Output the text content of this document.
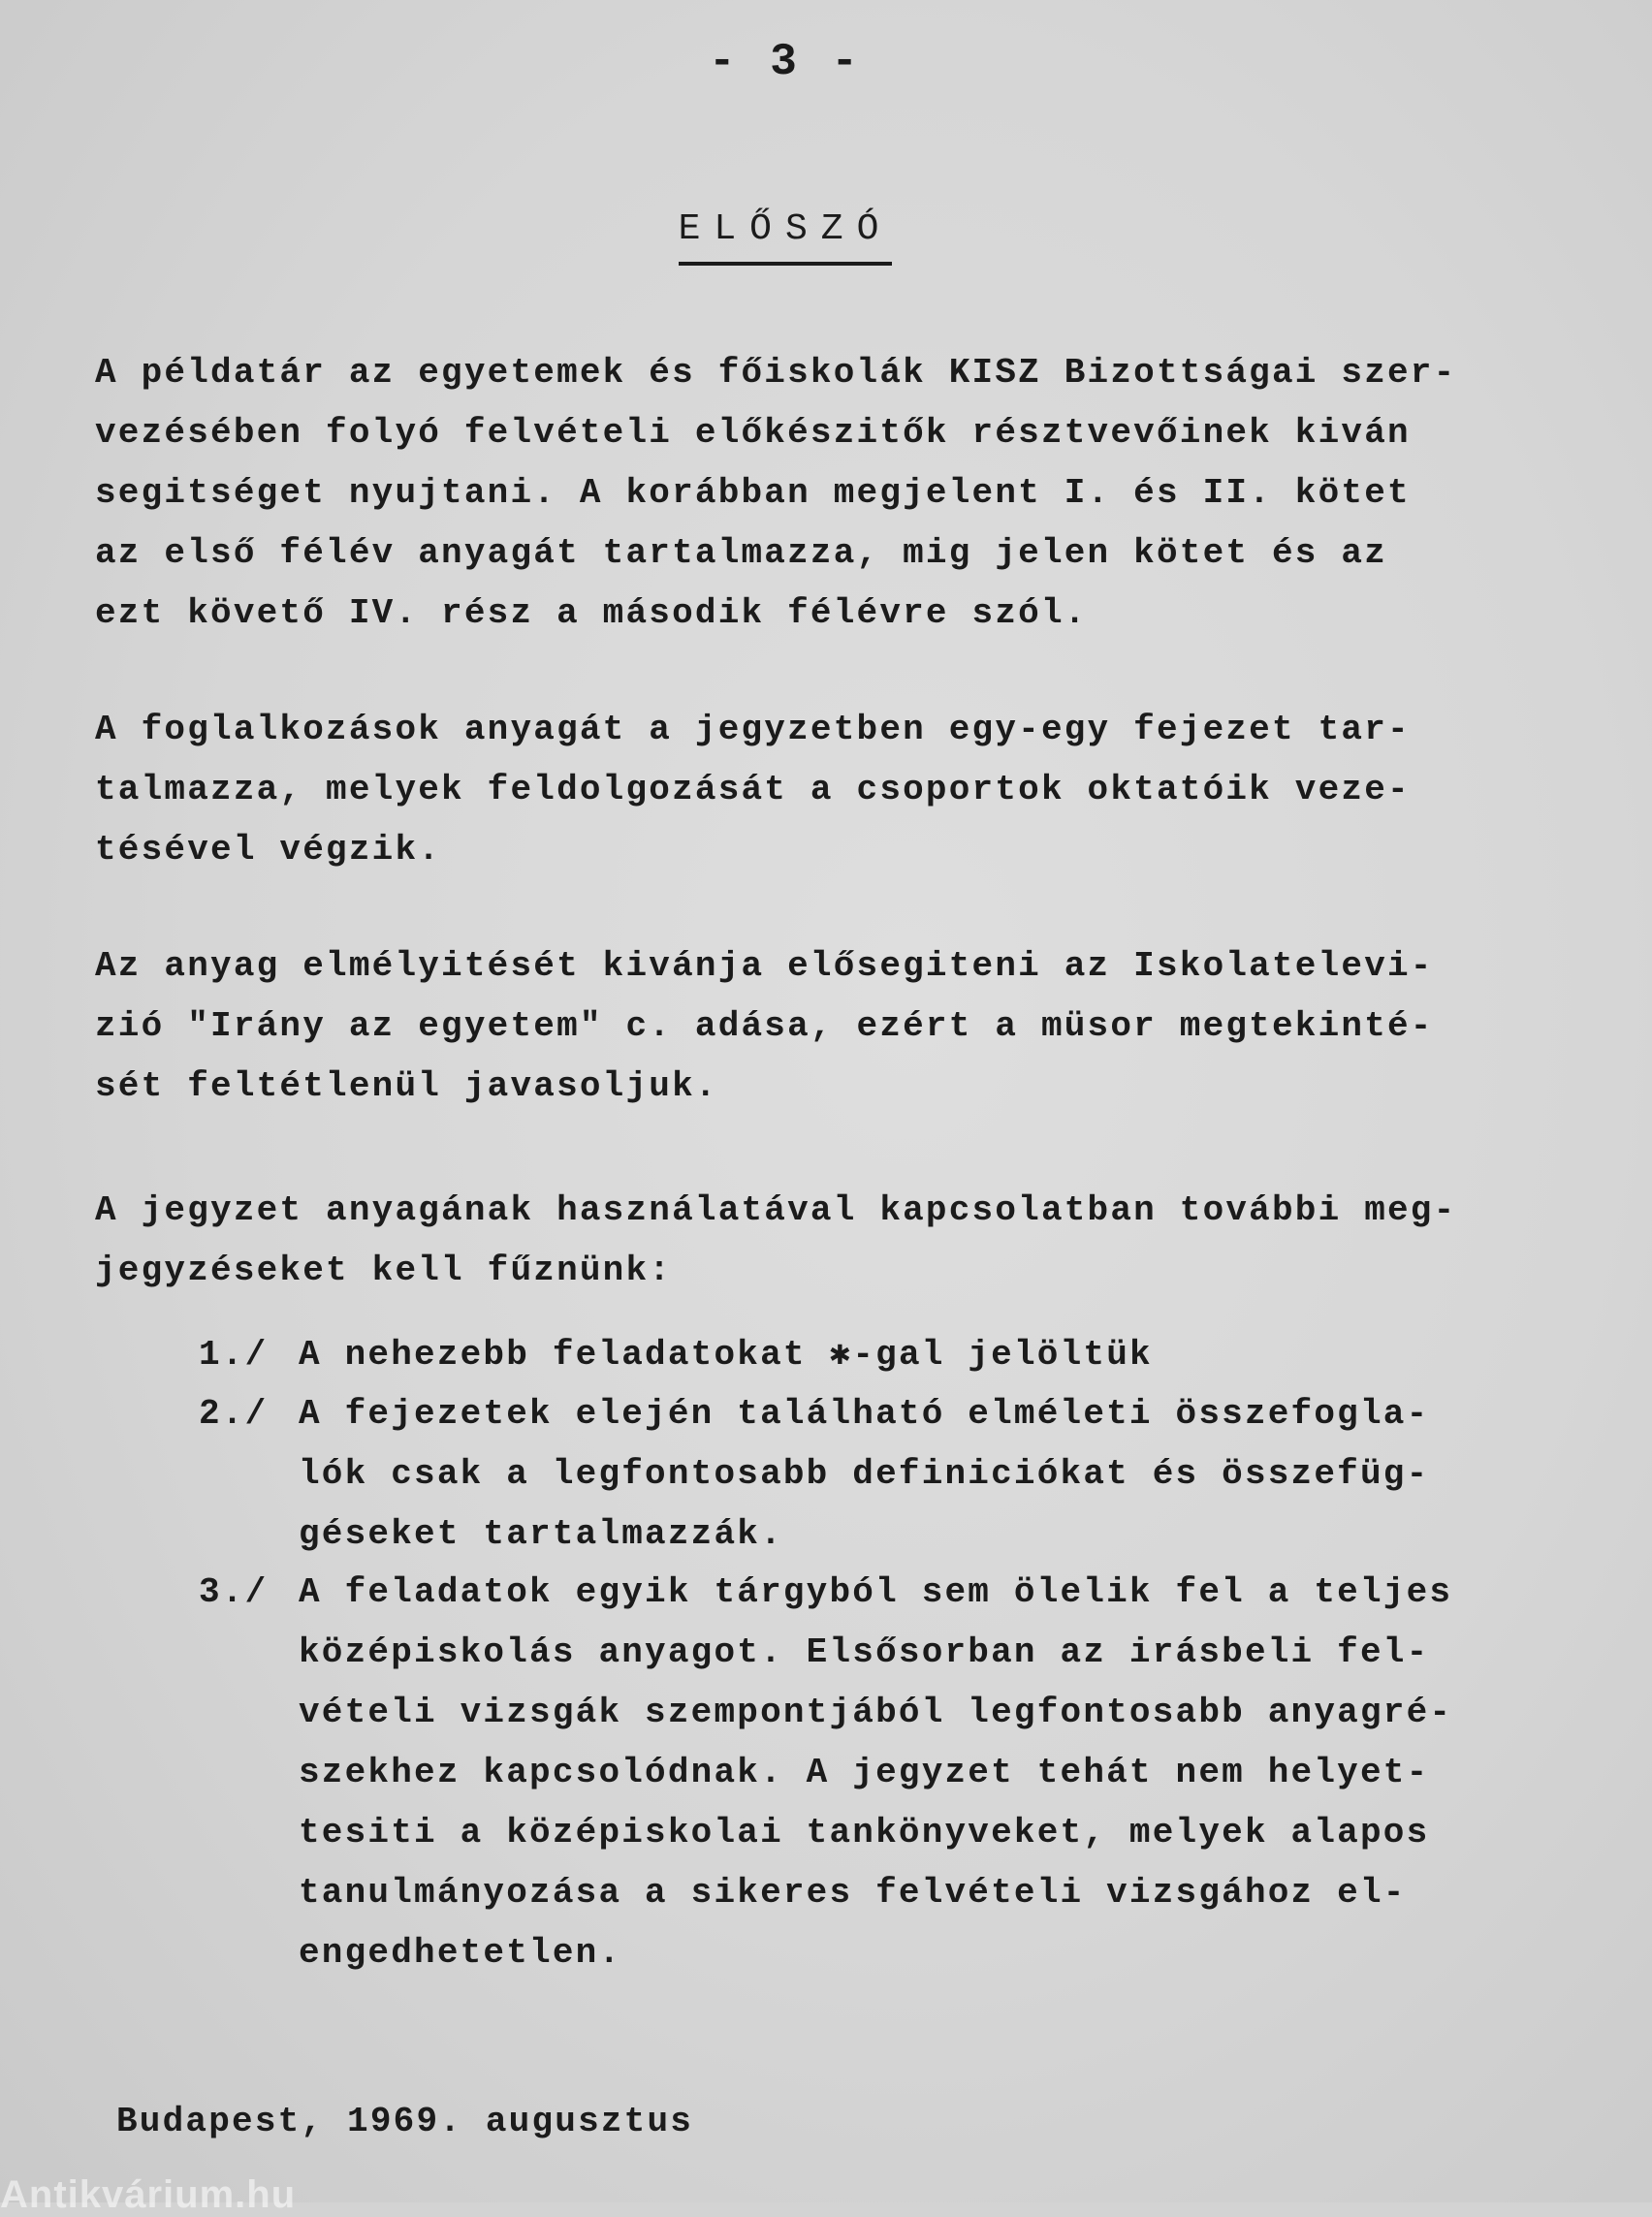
- 3 -
ELŐSZÓ
A példatár az egyetemek és főiskolák KISZ Bizottságai szer-
vezésében folyó felvételi előkészitők résztvevőinek kiván
segitséget nyujtani. A korábban megjelent I. és II. kötet
az első félév anyagát tartalmazza, mig jelen kötet és az
ezt követő IV. rész a második félévre szól.
A foglalkozások anyagát a jegyzetben egy-egy fejezet tar-
talmazza, melyek feldolgozását a csoportok oktatóik veze-
tésével végzik.
Az anyag elmélyitését kivánja elősegiteni az Iskolatelevi-
zió "Irány az egyetem" c. adása, ezért a müsor megtekinté-
sét feltétlenül javasoljuk.
A jegyzet anyagának használatával kapcsolatban további meg-
jegyzéseket kell fűznünk:
1./ A nehezebb feladatokat ✱-gal jelöltük
2./ A fejezetek elején található elméleti összefogla-
lók csak a legfontosabb definiciókat és összefüg-
géseket tartalmazzák.
3./ A feladatok egyik tárgyból sem ölelik fel a teljes
középiskolás anyagot. Elsősorban az irásbeli fel-
vételi vizsgák szempontjából legfontosabb anyagré-
szekhez kapcsolódnak. A jegyzet tehát nem helyet-
tesiti a középiskolai tankönyveket, melyek alapos
tanulmányozása a sikeres felvételi vizsgához el-
engedhetetlen.
Budapest, 1969. augusztus
Antikvárium.hu
